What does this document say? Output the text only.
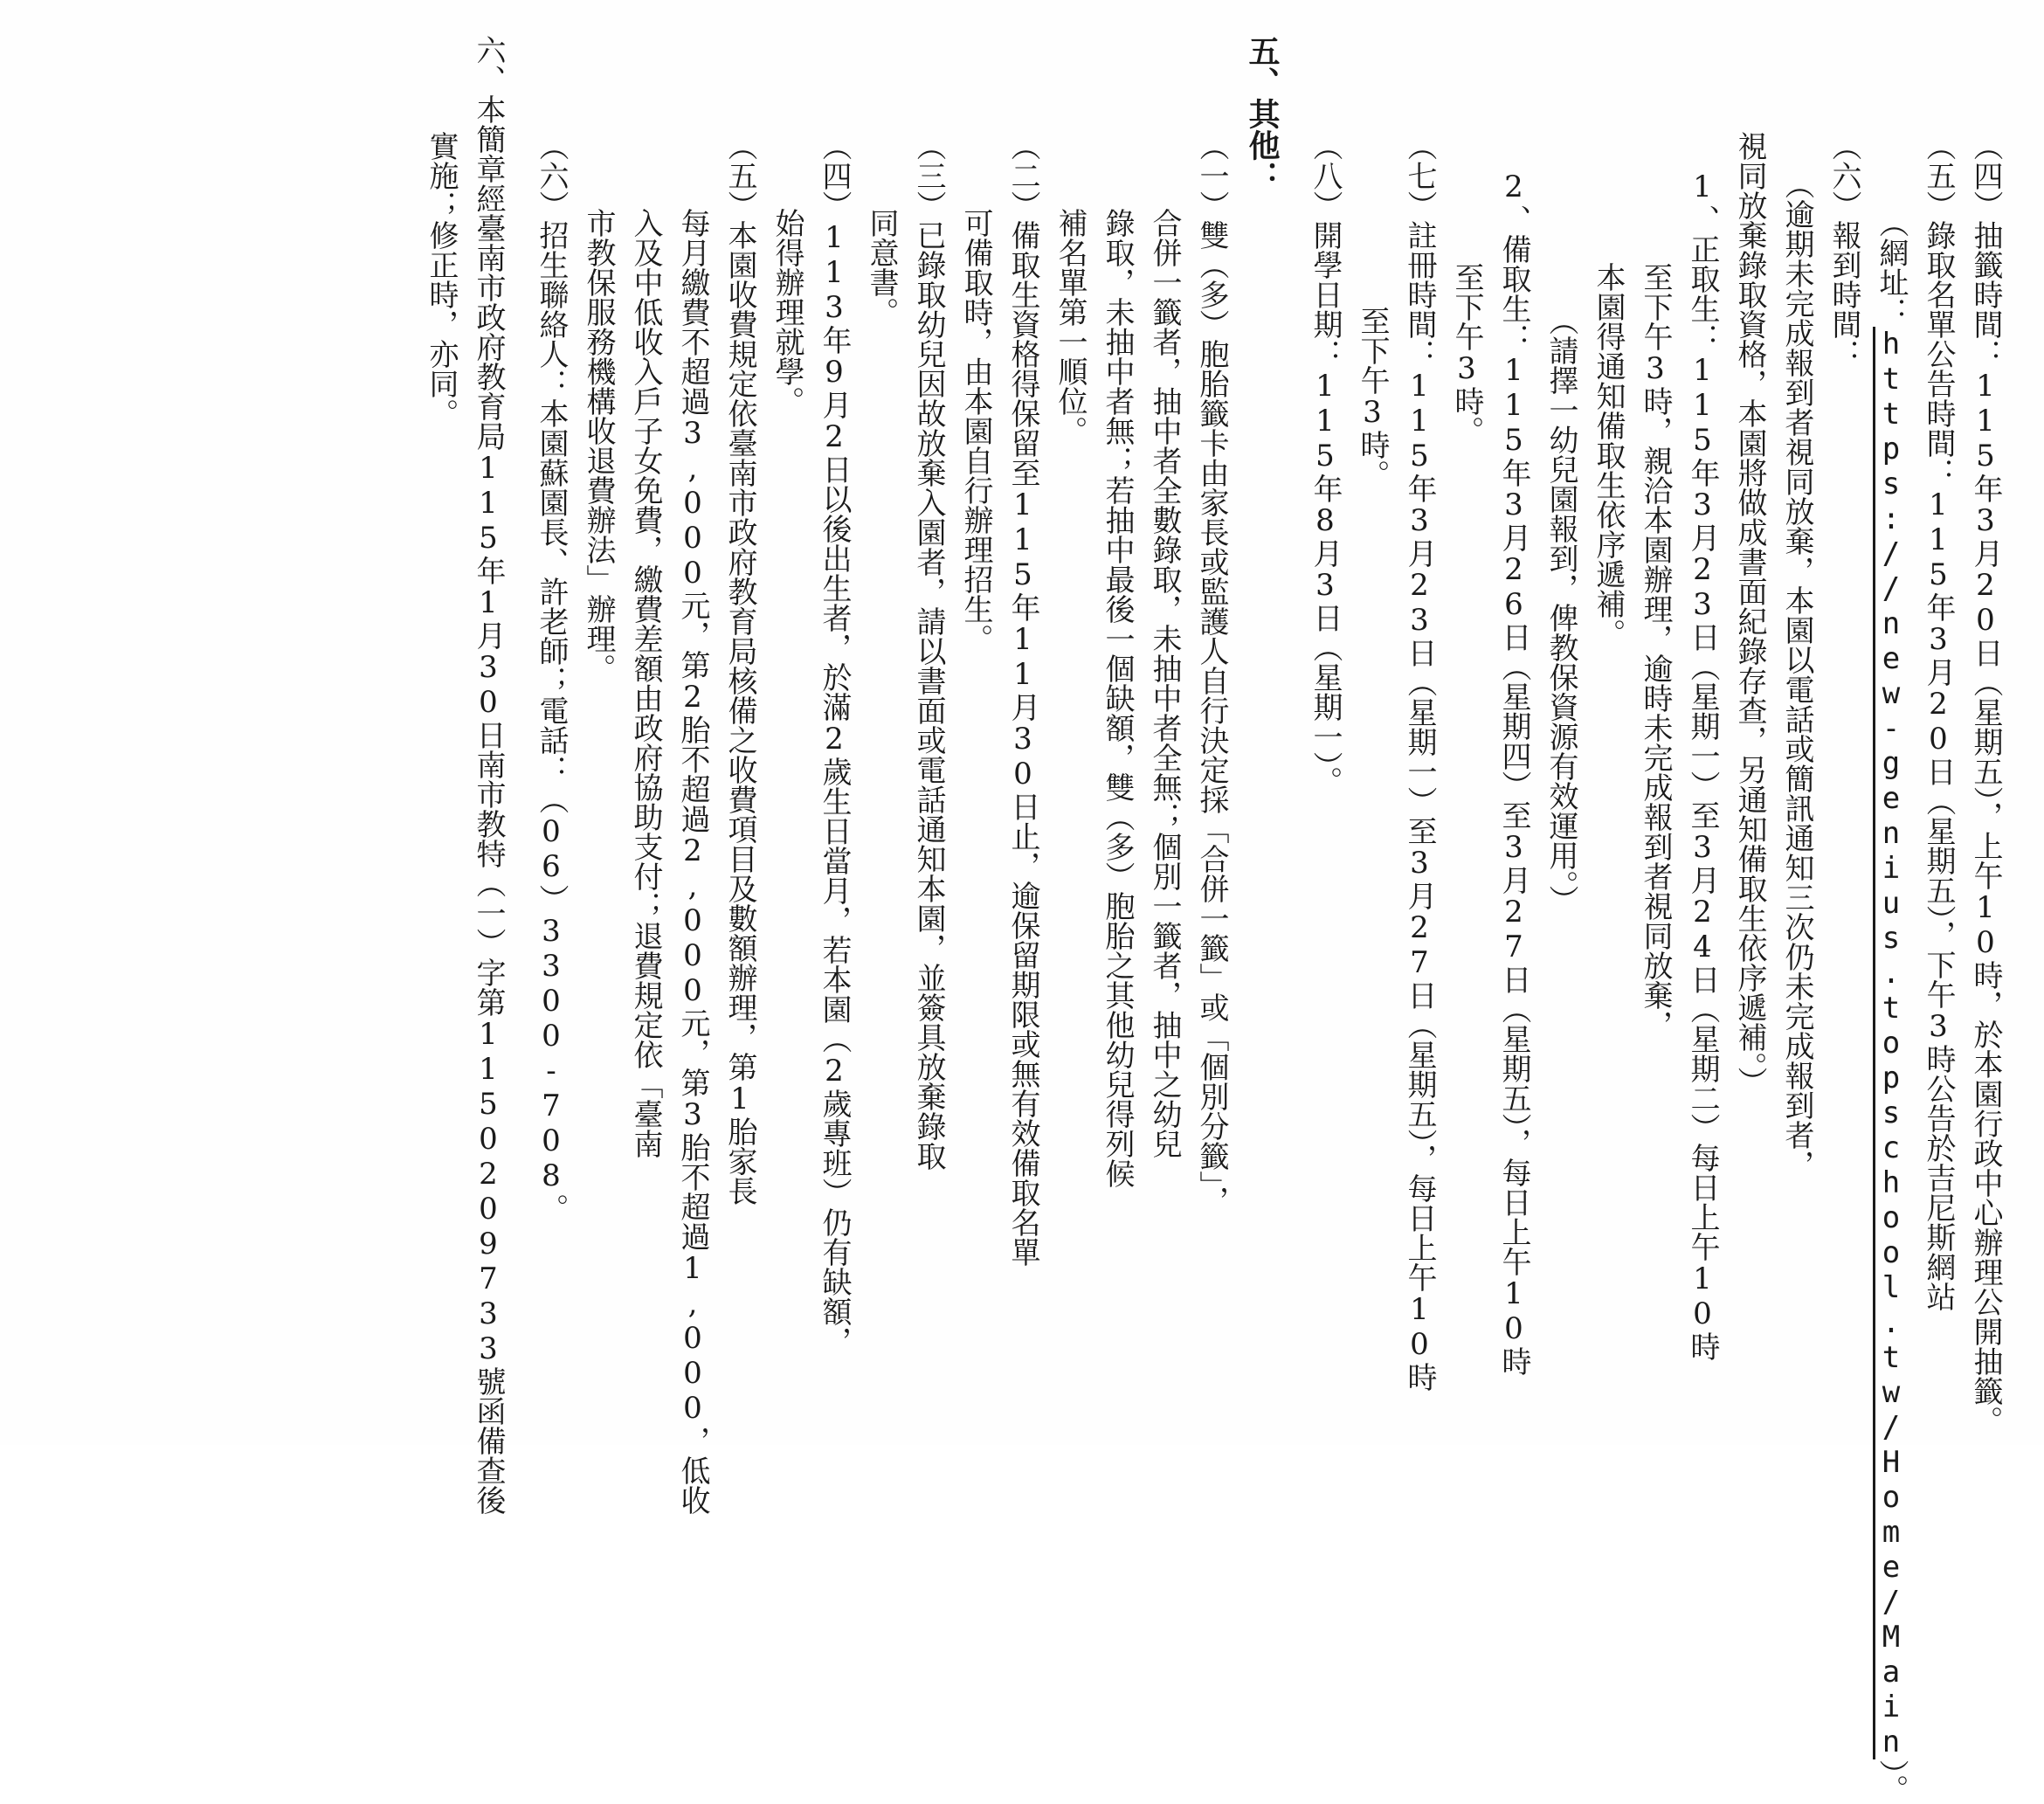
（四）抽籤時間：115年3月20日（星期五），上午10時，於本園行政中心辦理公開抽籤。
（五）錄取名單公告時間：115年3月20日（星期五），下午3時公告於吉尼斯網站
（網址：https://new-genius.topschool.tw/Home/Main）。
（六）報到時間：
（逾期未完成報到者視同放棄，本園以電話或簡訊通知三次仍未完成報到者，
視同放棄錄取資格，本園將做成書面紀錄存查，另通知備取生依序遞補。）
1、正取生：115年3月23日（星期一）至3月24日（星期二）每日上午10時
至下午3時，親洽本園辦理，逾時未完成報到者視同放棄，
本園得通知備取生依序遞補。
（請擇一幼兒園報到，俾教保資源有效運用。）
2、備取生：115年3月26日（星期四）至3月27日（星期五），每日上午10時
至下午3時。
（七）註冊時間：115年3月23日（星期一）至3月27日（星期五），每日上午10時
至下午3時。
（八）開學日期：115年8月3日（星期一）。
五、其他：
（一）雙（多）胞胎籤卡由家長或監護人自行決定採「合併一籤」或「個別分籤」，
合併一籤者，抽中者全數錄取，未抽中者全無；個別一籤者，抽中之幼兒
錄取，未抽中者無；若抽中最後一個缺額，雙（多）胞胎之其他幼兒得列候
補名單第一順位。
（二）備取生資格得保留至115年11月30日止，逾保留期限或無有效備取名單
可備取時，由本園自行辦理招生。
（三）已錄取幼兒因故放棄入園者，請以書面或電話通知本園，並簽具放棄錄取
同意書。
（四）113年9月2日以後出生者，於滿2歲生日當月，若本園（2歲專班）仍有缺額，
始得辦理就學。
（五）本園收費規定依臺南市政府教育局核備之收費項目及數額辦理，第1胎家長
每月繳費不超過3,000元，第2胎不超過2,000元，第3胎不超過1,000，低收
入及中低收入戶子女免費，繳費差額由政府協助支付；退費規定依「臺南
市教保服務機構收退費辦法」辦理。
（六）招生聯絡人：本園蘇園長、許老師；電話：（06）3300-708。
六、本簡章經臺南市政府教育局115年1月30日南市教特（一）字第1150209733號函備查後
實施；修正時，亦同。
